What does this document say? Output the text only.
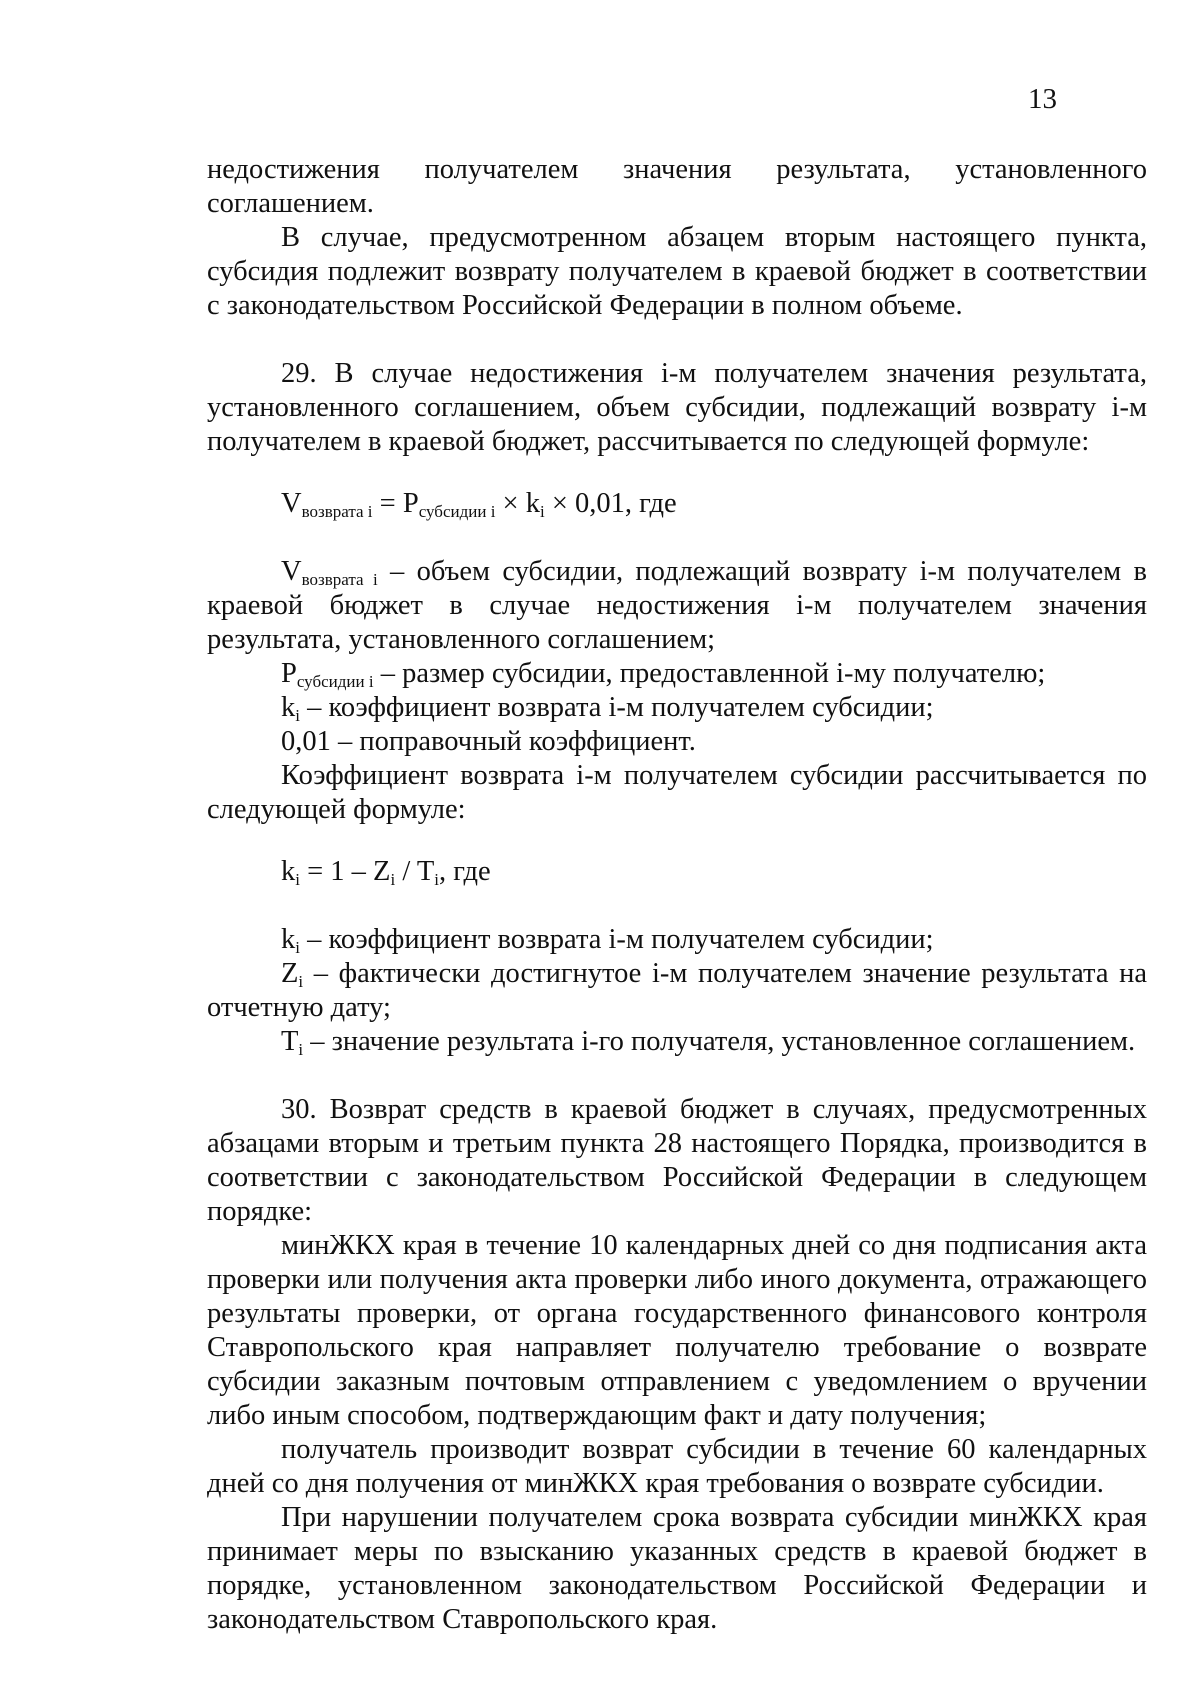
13

недостижения получателем значения результата, установленного соглашением.

В случае, предусмотренном абзацем вторым настоящего пункта, субсидия подлежит возврату получателем в краевой бюджет в соответствии с законодательством Российской Федерации в полном объеме.

29. В случае недостижения i-м получателем значения результата, установленного соглашением, объем субсидии, подлежащий возврату i-м получателем в краевой бюджет, рассчитывается по следующей формуле:

$V_{возврата i} = P_{субсидии i} \times k_i \times 0,01$, где

$V_{возврата i}$ – объем субсидии, подлежащий возврату i-м получателем в краевой бюджет в случае недостижения i-м получателем значения результата, установленного соглашением;

$P_{субсидии i}$ – размер субсидии, предоставленной i-му получателю;

$k_i$ – коэффициент возврата i-м получателем субсидии;

0,01 – поправочный коэффициент.

Коэффициент возврата i-м получателем субсидии рассчитывается по следующей формуле:

$k_i = 1 - Z_i / T_i$, где

$k_i$ – коэффициент возврата i-м получателем субсидии;

$Z_i$ – фактически достигнутое i-м получателем значение результата на отчетную дату;

$T_i$ – значение результата i-го получателя, установленное соглашением.

30. Возврат средств в краевой бюджет в случаях, предусмотренных абзацами вторым и третьим пункта 28 настоящего Порядка, производится в соответствии с законодательством Российской Федерации в следующем порядке:

минЖКХ края в течение 10 календарных дней со дня подписания акта проверки или получения акта проверки либо иного документа, отражающего результаты проверки, от органа государственного финансового контроля Ставропольского края направляет получателю требование о возврате субсидии заказным почтовым отправлением с уведомлением о вручении либо иным способом, подтверждающим факт и дату получения;

получатель производит возврат субсидии в течение 60 календарных дней со дня получения от минЖКХ края требования о возврате субсидии.

При нарушении получателем срока возврата субсидии минЖКХ края принимает меры по взысканию указанных средств в краевой бюджет в порядке, установленном законодательством Российской Федерации и законодательством Ставропольского края.
